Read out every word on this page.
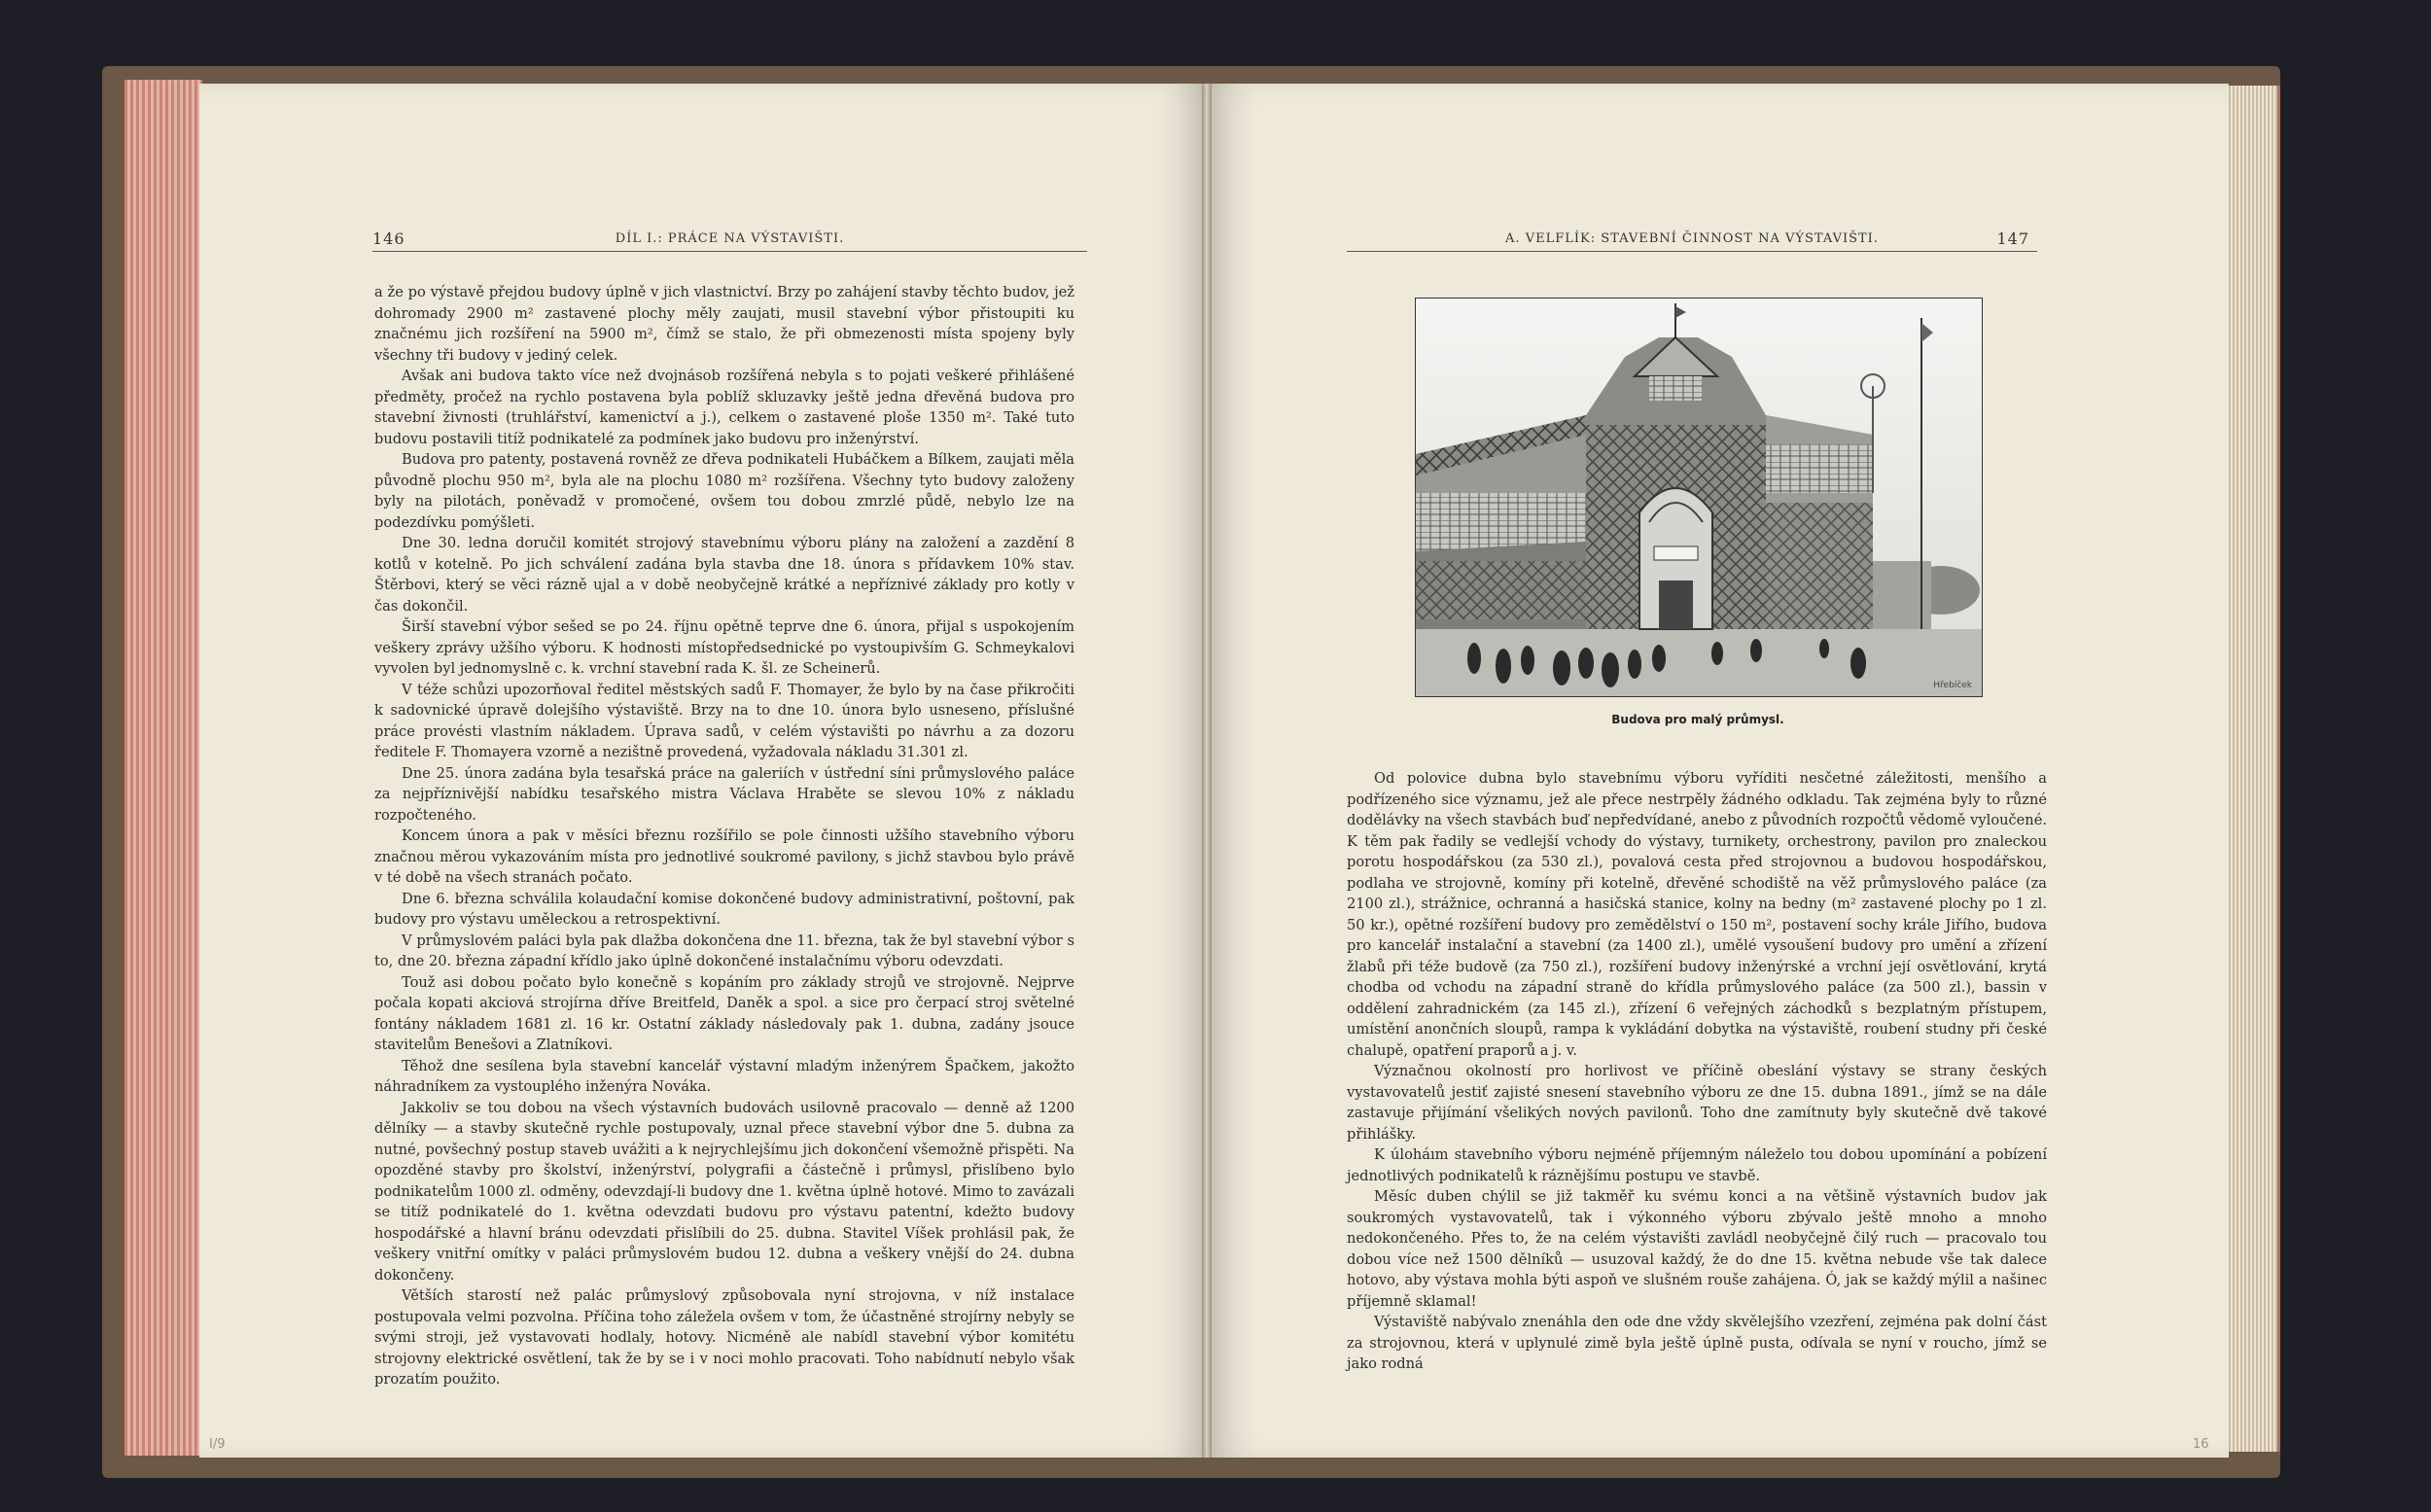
146	DÍL I.: PRÁCE NA VÝSTAVIŠTI.	A. VELFLÍK: STAVEBNÍ ČINNOST NA VÝSTAVIŠTI.	147

a že po výstavě přejdou budovy úplně v jich vlastnictví. Brzy po zahájení stavby těchto budov, jež dohromady 2900 m² zastavené plochy měly zaujati, musil stavební výbor přistoupiti ku značnému jich rozšíření na 5900 m², čímž se stalo, že při obmezenosti místa spojeny byly všechny tři budovy v jediný celek.

Avšak ani budova takto více než dvojnásob rozšířená nebyla s to pojati veškeré přihlášené předměty, pročež na rychlo postavena byla poblíž skluzavky ještě jedna dřevěná budova pro stavební živnosti (truhlářství, kamenictví a j.), celkem o zastavené ploše 1350 m². Také tuto budovu postavili titíž podnikatelé za podmínek jako budovu pro inženýrství.

Budova pro patenty, postavená rovněž ze dřeva podnikateli Hubáčkem a Bílkem, zaujati měla původně plochu 950 m², byla ale na plochu 1080 m² rozšířena. Všechny tyto budovy založeny byly na pilotách, poněvadž v promočené, ovšem tou dobou zmrzlé půdě, nebylo lze na podezdívku pomýšleti.

Dne 30. ledna doručil komitét strojový stavebnímu výboru plány na založení a zazdění 8 kotlů v kotelně. Po jich schválení zadána byla stavba dne 18. února s přídavkem 10% stav. Štěrbovi, který se věci rázně ujal a v době neobyčejně krátké a nepříznivé základy pro kotly v čas dokončil.

Širší stavební výbor sešed se po 24. říjnu opětně teprve dne 6. února, přijal s uspokojením veškery zprávy užšího výboru. K hodnosti místopředsednické po vystoupivším G. Schmeykalovi vyvolen byl jednomyslně c. k. vrchní stavební rada K. šl. ze Scheinerů.

V téže schůzi upozorňoval ředitel městských sadů F. Thomayer, že bylo by na čase přikročiti k sadovnické úpravě dolejšího výstaviště. Brzy na to dne 10. února bylo usneseno, příslušné práce provésti vlastním nákladem. Úprava sadů, v celém výstavišti po návrhu a za dozoru ředitele F. Thomayera vzorně a nezištně provedená, vyžadovala nákladu 31.301 zl.

Dne 25. února zadána byla tesařská práce na galeriích v ústřední síni průmyslového paláce za nejpříznivější nabídku tesařského mistra Václava Hraběte se slevou 10% z nákladu rozpočteného.

Koncem února a pak v měsíci březnu rozšířilo se pole činnosti užšího stavebního výboru značnou měrou vykazováním místa pro jednotlivé soukromé pavilony, s jichž stavbou bylo právě v té době na všech stranách počato.

Dne 6. března schválila kolaudační komise dokončené budovy administrativní, poštovní, pak budovy pro výstavu uměleckou a retrospektivní.

V průmyslovém paláci byla pak dlažba dokončena dne 11. března, tak že byl stavební výbor s to, dne 20. března západní křídlo jako úplně dokončené instalačnímu výboru odevzdati.

Touž asi dobou počato bylo konečně s kopáním pro základy strojů ve strojovně. Nejprve počala kopati akciová strojírna dříve Breitfeld, Daněk a spol. a sice pro čerpací stroj světelné fontány nákladem 1681 zl. 16 kr. Ostatní základy následovaly pak 1. dubna, zadány jsouce stavitelům Benešovi a Zlatníkovi.

Těhož dne sesílena byla stavební kancelář výstavní mladým inženýrem Špačkem, jakožto náhradníkem za vystouplého inženýra Nováka.

Jakkoliv se tou dobou na všech výstavních budovách usilovně pracovalo — denně až 1200 dělníky — a stavby skutečně rychle postupovaly, uznal přece stavební výbor dne 5. dubna za nutné, povšechný postup staveb uvážiti a k nejrychlejšímu jich dokončení všemožně přispěti. Na opozděné stavby pro školství, inženýrství, polygrafii a částečně i průmysl, přislíbeno bylo podnikatelům 1000 zl. odměny, odevzdají-li budovy dne 1. května úplně hotové. Mimo to zavázali se titíž podnikatelé do 1. května odevzdati budovu pro výstavu patentní, kdežto budovy hospodářské a hlavní bránu odevzdati přislíbili do 25. dubna. Stavitel Víšek prohlásil pak, že veškery vnitřní omítky v paláci průmyslovém budou 12. dubna a veškery vnější do 24. dubna dokončeny.

Větších starostí než palác průmyslový způsobovala nyní strojovna, v níž instalace postupovala velmi pozvolna. Příčina toho záležela ovšem v tom, že účastněné strojírny nebyly se svými stroji, jež vystavovati hodlaly, hotovy. Nicméně ale nabídl stavební výbor komitétu strojovny elektrické osvětlení, tak že by se i v noci mohlo pracovati. Toho nabídnutí nebylo však prozatím použito.

Hřebíček
Budova pro malý průmysl.

Od polovice dubna bylo stavebnímu výboru vyříditi nesčetné záležitosti, menšího a podřízeného sice významu, jež ale přece nestrpěly žádného odkladu. Tak zejména byly to různé dodělávky na všech stavbách buď nepředvídané, anebo z původních rozpočtů vědomě vyloučené. K těm pak řadily se vedlejší vchody do výstavy, turnikety, orchestrony, pavilon pro znaleckou porotu hospodářskou (za 530 zl.), povalová cesta před strojovnou a budovou hospodářskou, podlaha ve strojovně, komíny při kotelně, dřevěné schodiště na věž průmyslového paláce (za 2100 zl.), strážnice, ochranná a hasičská stanice, kolny na bedny (m² zastavené plochy po 1 zl. 50 kr.), opětné rozšíření budovy pro zemědělství o 150 m², postavení sochy krále Jiřího, budova pro kancelář instalační a stavební (za 1400 zl.), umělé vysoušení budovy pro umění a zřízení žlabů při téže budově (za 750 zl.), rozšíření budovy inženýrské a vrchní její osvětlování, krytá chodba od vchodu na západní straně do křídla průmyslového paláce (za 500 zl.), bassin v oddělení zahradnickém (za 145 zl.), zřízení 6 veřejných záchodků s bezplatným přístupem, umístění anončních sloupů, rampa k vykládání dobytka na výstaviště, roubení studny při české chalupě, opatření praporů a j. v.

Význačnou okolností pro horlivost ve příčině obeslání výstavy se strany českých vystavovatelů jestiť zajisté snesení stavebního výboru ze dne 15. dubna 1891., jímž se na dále zastavuje přijímání všelikých nových pavilonů. Toho dne zamítnuty byly skutečně dvě takové přihlášky.

K úloháım stavebního výboru nejméně příjemným náleželo tou dobou upomínání a pobízení jednotlivých podnikatelů k ráznějšímu postupu ve stavbě.

Měsíc duben chýlil se již takměř ku svému konci a na většině výstavních budov jak soukromých vystavovatelů, tak i výkonného výboru zbývalo ještě mnoho a mnoho nedokončeného. Přes to, že na celém výstavišti zavládl neobyčejně čilý ruch — pracovalo tou dobou více než 1500 dělníků — usuzoval každý, že do dne 15. května nebude vše tak dalece hotovo, aby výstava mohla býti aspoň ve slušném rouše zahájena. Ó, jak se každý mýlil a našinec příjemně sklamal!

Výstaviště nabývalo znenáhla den ode dne vždy skvělejšího vzezření, zejména pak dolní část za strojovnou, která v uplynulé zimě byla ještě úplně pusta, odívala se nyní v roucho, jímž se jako rodná

I/9	16
